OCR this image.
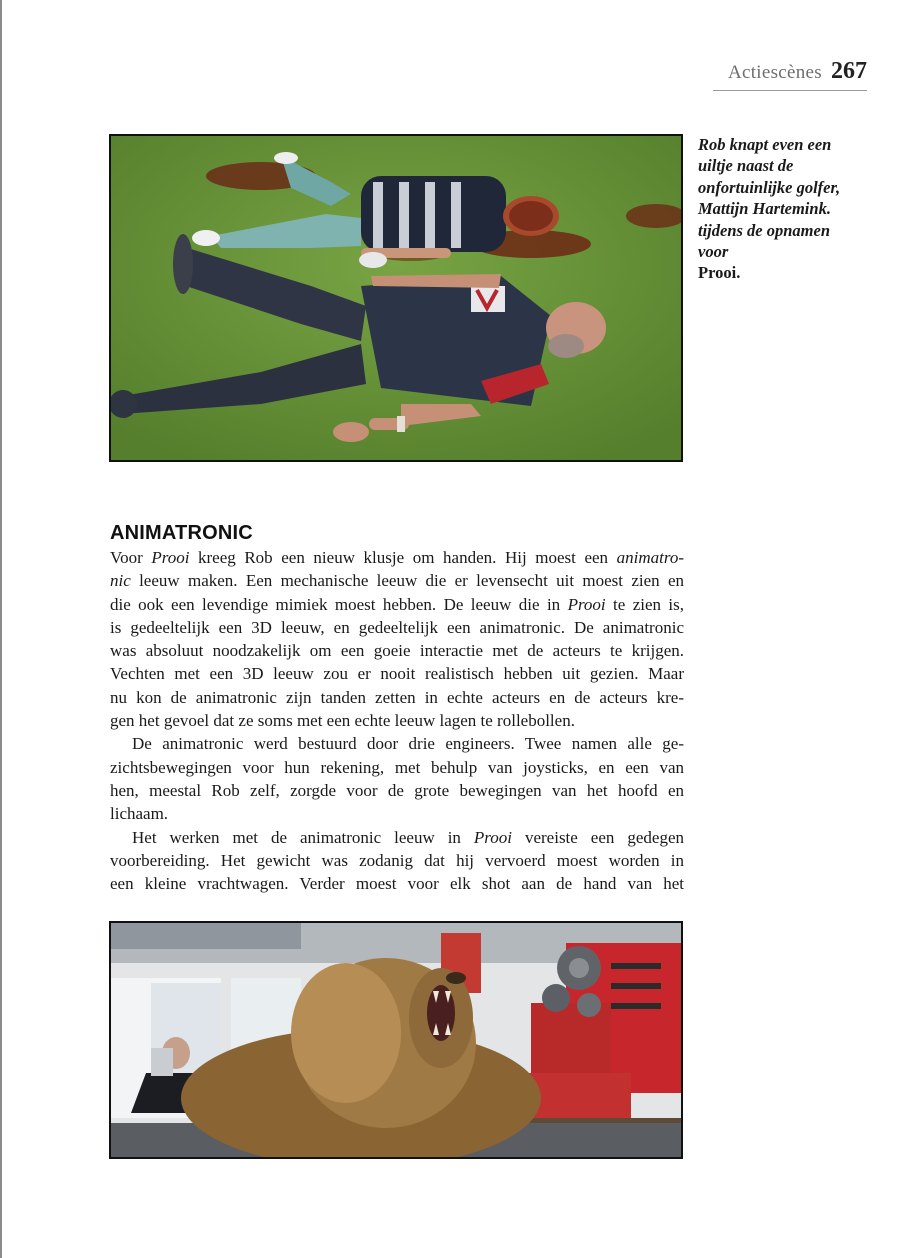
Actiescènes 267
Rob knapt even een uiltje naast de onfortuinlijke golfer, Mattijn Hartemink. tijdens de opnamen voor
Prooi.
ANIMATRONIC
Voor Prooi kreeg Rob een nieuw klusje om handen. Hij moest een animatro-
nic leeuw maken. Een mechanische leeuw die er levensecht uit moest zien en
die ook een levendige mimiek moest hebben. De leeuw die in Prooi te zien is,
is gedeeltelijk een 3D leeuw, en gedeeltelijk een animatronic. De animatronic
was absoluut noodzakelijk om een goeie interactie met de acteurs te krijgen.
Vechten met een 3D leeuw zou er nooit realistisch hebben uit gezien. Maar
nu kon de animatronic zijn tanden zetten in echte acteurs en de acteurs kre-
gen het gevoel dat ze soms met een echte leeuw lagen te rollebollen.
De animatronic werd bestuurd door drie engineers. Twee namen alle ge-
zichtsbewegingen voor hun rekening, met behulp van joysticks, en een van
hen, meestal Rob zelf, zorgde voor de grote bewegingen van het hoofd en
lichaam.
Het werken met de animatronic leeuw in Prooi vereiste een gedegen
voorbereiding. Het gewicht was zodanig dat hij vervoerd moest worden in
een kleine vrachtwagen. Verder moest voor elk shot aan de hand van het
